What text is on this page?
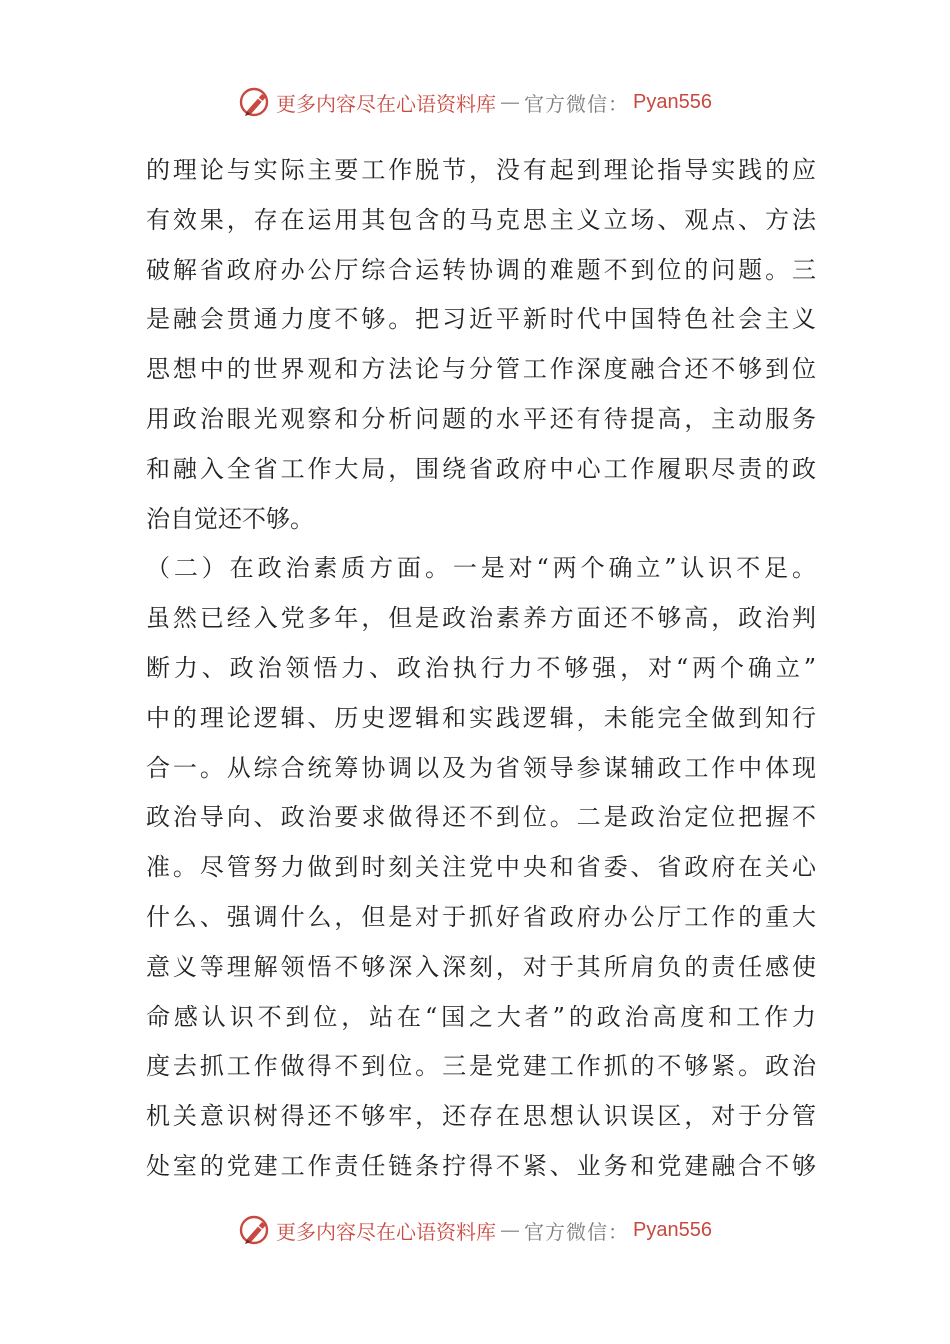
更多内容尽在心语资料库 — 官方微信： Pyan556
的理论与实际主要工作脱节，没有起到理论指导实践的应
有效果，存在运用其包含的马克思主义立场、观点、方法
破解省政府办公厅综合运转协调的难题不到位的问题。三
是融会贯通力度不够。把习近平新时代中国特色社会主义
思想中的世界观和方法论与分管工作深度融合还不够到位
用政治眼光观察和分析问题的水平还有待提高，主动服务
和融入全省工作大局，围绕省政府中心工作履职尽责的政
治自觉还不够。
（二）在政治素质方面。一是对“两个确立”认识不足。
虽然已经入党多年，但是政治素养方面还不够高，政治判
断力、政治领悟力、政治执行力不够强，对“两个确立”
中的理论逻辑、历史逻辑和实践逻辑，未能完全做到知行
合一。从综合统筹协调以及为省领导参谋辅政工作中体现
政治导向、政治要求做得还不到位。二是政治定位把握不
准。尽管努力做到时刻关注党中央和省委、省政府在关心
什么、强调什么，但是对于抓好省政府办公厅工作的重大
意义等理解领悟不够深入深刻，对于其所肩负的责任感使
命感认识不到位，站在“国之大者”的政治高度和工作力
度去抓工作做得不到位。三是党建工作抓的不够紧。政治
机关意识树得还不够牢，还存在思想认识误区，对于分管
处室的党建工作责任链条拧得不紧、业务和党建融合不够
更多内容尽在心语资料库 — 官方微信： Pyan556
